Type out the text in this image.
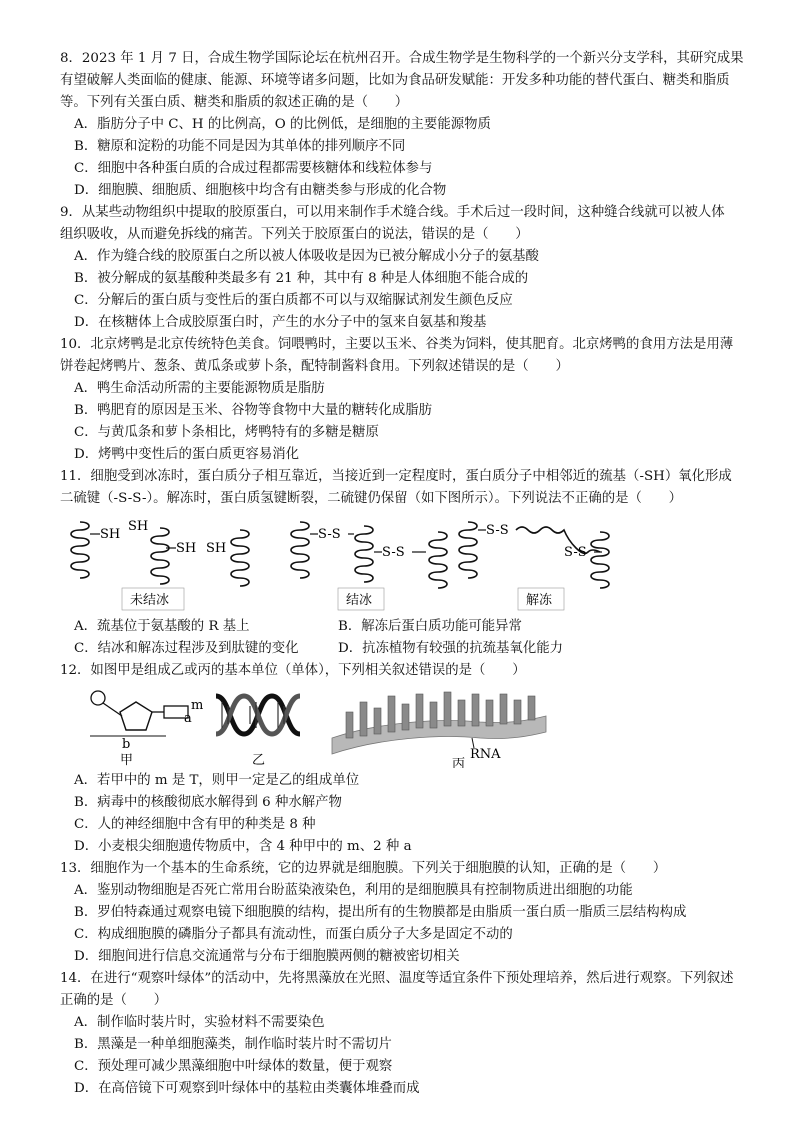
8．2023 年 1 月 7 日，合成生物学国际论坛在杭州召开。合成生物学是生物科学的一个新兴分支学科，其研究成果
有望破解人类面临的健康、能源、环境等诸多问题，比如为食品研发赋能：开发多种功能的替代蛋白、糖类和脂质
等。下列有关蛋白质、糖类和脂质的叙述正确的是（　　）
A．脂肪分子中 C、H 的比例高，O 的比例低，是细胞的主要能源物质
B．糖原和淀粉的功能不同是因为其单体的排列顺序不同
C．细胞中各种蛋白质的合成过程都需要核糖体和线粒体参与
D．细胞膜、细胞质、细胞核中均含有由糖类参与形成的化合物
9．从某些动物组织中提取的胶原蛋白，可以用来制作手术缝合线。手术后过一段时间，这种缝合线就可以被人体
组织吸收，从而避免拆线的痛苦。下列关于胶原蛋白的说法，错误的是（　　）
A．作为缝合线的胶原蛋白之所以被人体吸收是因为已被分解成小分子的氨基酸
B．被分解成的氨基酸种类最多有 21 种，其中有 8 种是人体细胞不能合成的
C．分解后的蛋白质与变性后的蛋白质都不可以与双缩脲试剂发生颜色反应
D．在核糖体上合成胶原蛋白时，产生的水分子中的氢来自氨基和羧基
10．北京烤鸭是北京传统特色美食。饲喂鸭时，主要以玉米、谷类为饲料，使其肥育。北京烤鸭的食用方法是用薄
饼卷起烤鸭片、葱条、黄瓜条或萝卜条，配特制酱料食用。下列叙述错误的是（　　）
A．鸭生命活动所需的主要能源物质是脂肪
B．鸭肥育的原因是玉米、谷物等食物中大量的糖转化成脂肪
C．与黄瓜条和萝卜条相比，烤鸭特有的多糖是糖原
D．烤鸭中变性后的蛋白质更容易消化
11．细胞受到冰冻时，蛋白质分子相互靠近，当接近到一定程度时，蛋白质分子中相邻近的巯基（-SH）氧化形成
二硫键（-S-S-）。解冻时，蛋白质氢键断裂，二硫键仍保留（如下图所示）。下列说法不正确的是（　　）
SH
SH
SH SH
未结冰
S-S
S-S
结冰
S-S
S-S
解冻
A．巯基位于氨基酸的 R 基上	B．解冻后蛋白质功能可能异常
C．结冰和解冻过程涉及到肽键的变化	D．抗冻植物有较强的抗巯基氧化能力
12．如图甲是组成乙或丙的基本单位（单体），下列相关叙述错误的是（　　）
m
a
b
甲	乙	RNA
丙
A．若甲中的 m 是 T，则甲一定是乙的组成单位
B．病毒中的核酸彻底水解得到 6 种水解产物
C．人的神经细胞中含有甲的种类是 8 种
D．小麦根尖细胞遗传物质中，含 4 种甲中的 m、2 种 a
13．细胞作为一个基本的生命系统，它的边界就是细胞膜。下列关于细胞膜的认知，正确的是（　　）
A．鉴别动物细胞是否死亡常用台盼蓝染液染色，利用的是细胞膜具有控制物质进出细胞的功能
B．罗伯特森通过观察电镜下细胞膜的结构，提出所有的生物膜都是由脂质一蛋白质一脂质三层结构构成
C．构成细胞膜的磷脂分子都具有流动性，而蛋白质分子大多是固定不动的
D．细胞间进行信息交流通常与分布于细胞膜两侧的糖被密切相关
14．在进行“观察叶绿体”的活动中，先将黑藻放在光照、温度等适宜条件下预处理培养，然后进行观察。下列叙述
正确的是（　　）
A．制作临时装片时，实验材料不需要染色
B．黑藻是一种单细胞藻类，制作临时装片时不需切片
C．预处理可减少黑藻细胞中叶绿体的数量，便于观察
D．在高倍镜下可观察到叶绿体中的基粒由类囊体堆叠而成
